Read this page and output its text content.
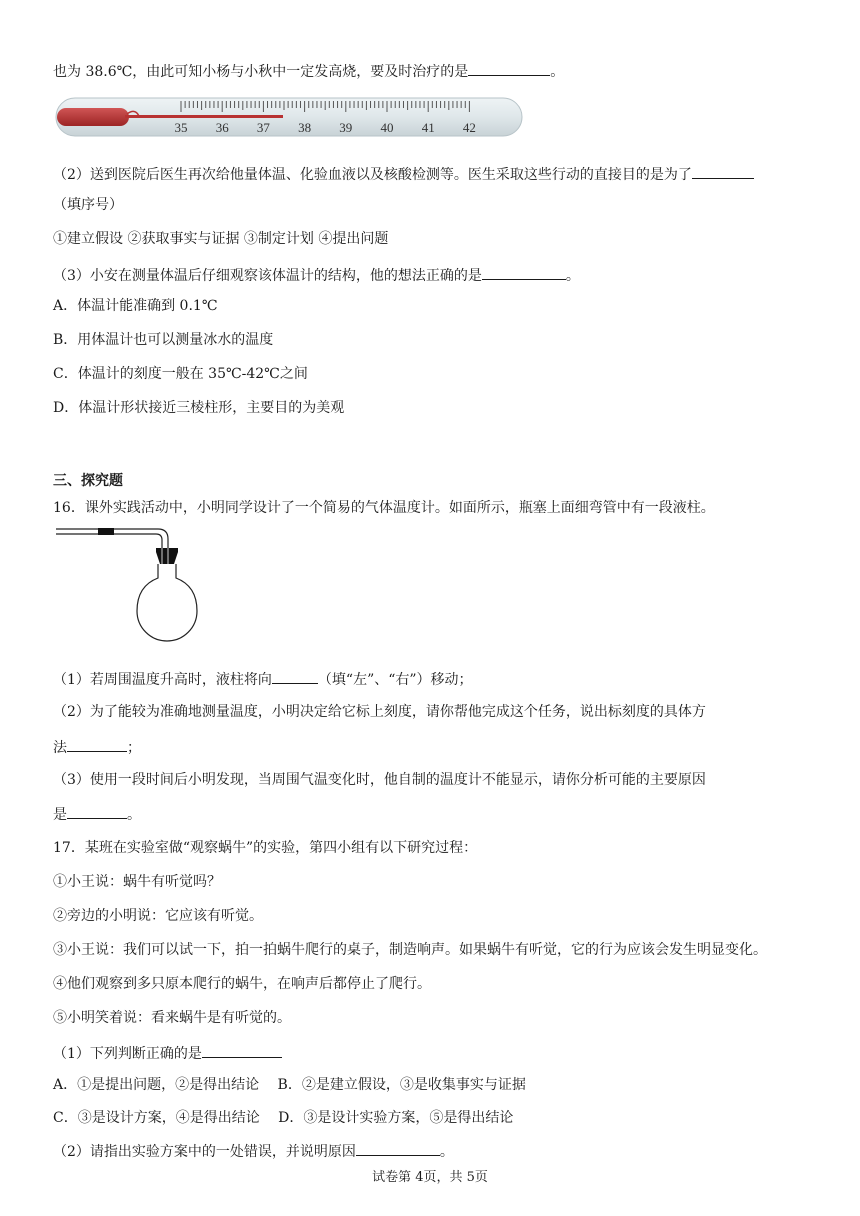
也为 38.6℃，由此可知小杨与小秋中一定发高烧，要及时治疗的是	。
35 36 37 38 39 40 41 42
（2）送到医院后医生再次给他量体温、化验血液以及核酸检测等。医生采取这些行动的直接目的是为了
（填序号）
①建立假设 ②获取事实与证据 ③制定计划 ④提出问题
（3）小安在测量体温后仔细观察该体温计的结构，他的想法正确的是	。
A．体温计能准确到 0.1℃
B．用体温计也可以测量冰水的温度
C．体温计的刻度一般在 35℃-42℃之间
D．体温计形状接近三棱柱形，主要目的为美观
三、探究题
16．课外实践活动中，小明同学设计了一个简易的气体温度计。如面所示，瓶塞上面细弯管中有一段液柱。
（1）若周围温度升高时，液柱将向	（填“左”、“右”）移动；
（2）为了能较为准确地测量温度，小明决定给它标上刻度，请你帮他完成这个任务，说出标刻度的具体方
法	；
（3）使用一段时间后小明发现，当周围气温变化时，他自制的温度计不能显示，请你分析可能的主要原因
是	。
17．某班在实验室做“观察蜗牛”的实验，第四小组有以下研究过程：
①小王说：蜗牛有听觉吗？
②旁边的小明说：它应该有听觉。
③小王说：我们可以试一下，拍一拍蜗牛爬行的桌子，制造响声。如果蜗牛有听觉，它的行为应该会发生明显变化。
④他们观察到多只原本爬行的蜗牛，在响声后都停止了爬行。
⑤小明笑着说：看来蜗牛是有听觉的。
（1）下列判断正确的是
A．①是提出问题，②是得出结论　 B．②是建立假设，③是收集事实与证据
C．③是设计方案，④是得出结论　 D．③是设计实验方案，⑤是得出结论
（2）请指出实验方案中的一处错误，并说明原因	。
试卷第 4页，共 5页
